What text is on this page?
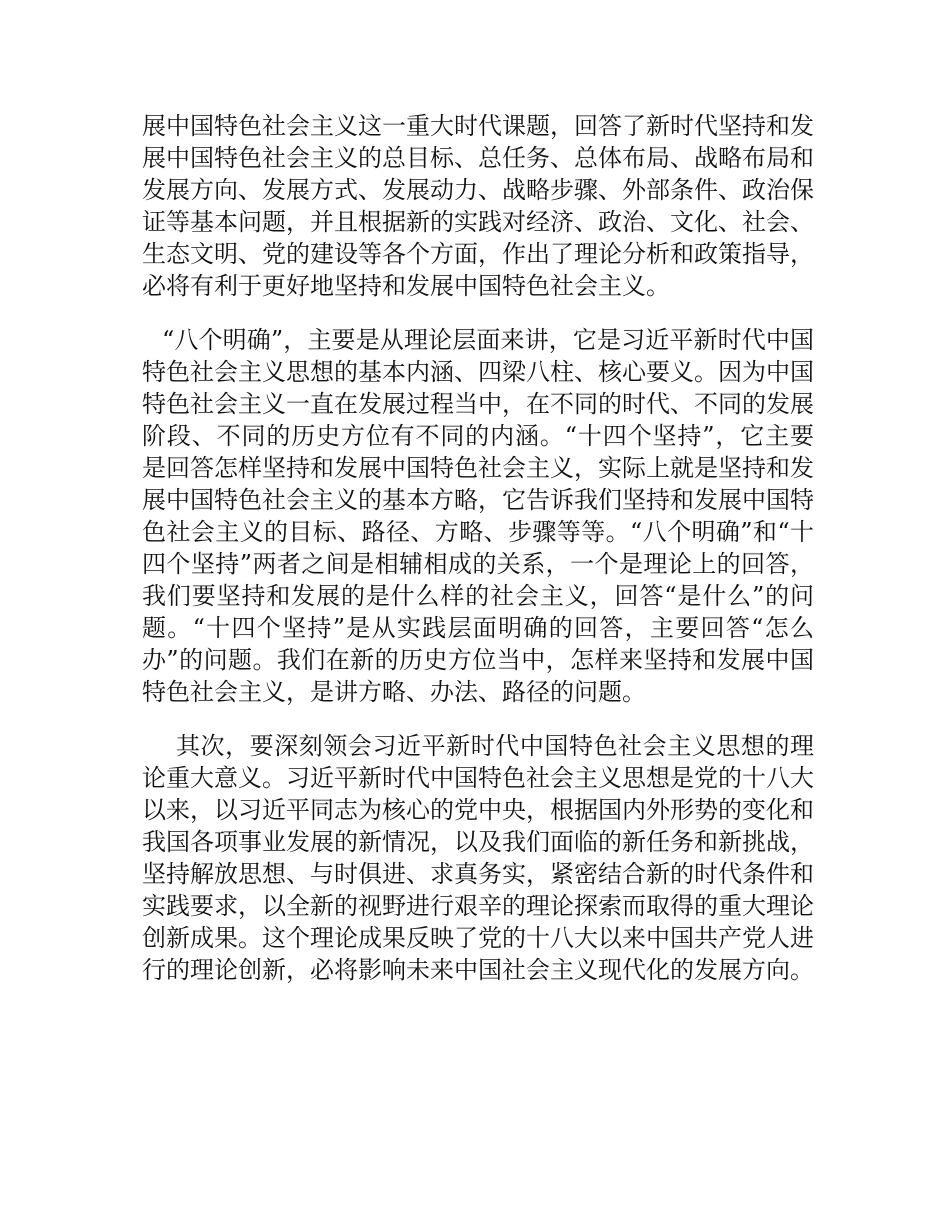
展中国特色社会主义这一重大时代课题，回答了新时代坚持和发展中国特色社会主义的总目标、总任务、总体布局、战略布局和发展方向、发展方式、发展动力、战略步骤、外部条件、政治保证等基本问题，并且根据新的实践对经济、政治、文化、社会、生态文明、党的建设等各个方面，作出了理论分析和政策指导，必将有利于更好地坚持和发展中国特色社会主义。

“八个明确”，主要是从理论层面来讲，它是习近平新时代中国特色社会主义思想的基本内涵、四梁八柱、核心要义。因为中国特色社会主义一直在发展过程当中，在不同的时代、不同的发展阶段、不同的历史方位有不同的内涵。“十四个坚持”，它主要是回答怎样坚持和发展中国特色社会主义，实际上就是坚持和发展中国特色社会主义的基本方略，它告诉我们坚持和发展中国特色社会主义的目标、路径、方略、步骤等等。“八个明确”和“十四个坚持”两者之间是相辅相成的关系，一个是理论上的回答，我们要坚持和发展的是什么样的社会主义，回答“是什么”的问题。“十四个坚持”是从实践层面明确的回答，主要回答“怎么办”的问题。我们在新的历史方位当中，怎样来坚持和发展中国特色社会主义，是讲方略、办法、路径的问题。

其次，要深刻领会习近平新时代中国特色社会主义思想的理论重大意义。习近平新时代中国特色社会主义思想是党的十八大以来，以习近平同志为核心的党中央，根据国内外形势的变化和我国各项事业发展的新情况，以及我们面临的新任务和新挑战，坚持解放思想、与时俱进、求真务实，紧密结合新的时代条件和实践要求，以全新的视野进行艰辛的理论探索而取得的重大理论创新成果。这个理论成果反映了党的十八大以来中国共产党人进行的理论创新，必将影响未来中国社会主义现代化的发展方向。
